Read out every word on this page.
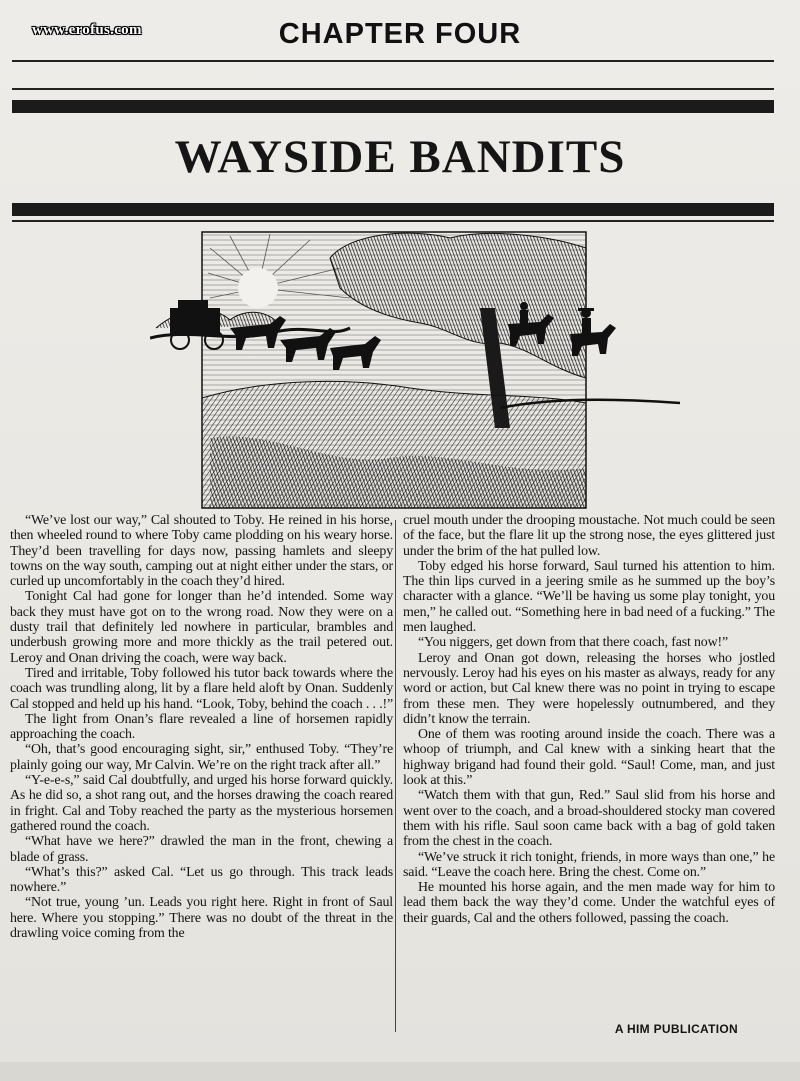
www.erofus.com	CHAPTER FOUR
WAYSIDE BANDITS

“We’ve lost our way,” Cal shouted to Toby. He reined in his horse, then wheeled round to where Toby came plodding on his weary horse. They’d been travelling for days now, passing hamlets and sleepy towns on the way south, camping out at night either under the stars, or curled up uncomfortably in the coach they’d hired.

Tonight Cal had gone for longer than he’d intended. Some way back they must have got on to the wrong road. Now they were on a dusty trail that definitely led nowhere in particular, brambles and underbush growing more and more thickly as the trail petered out. Leroy and Onan driving the coach, were way back.

Tired and irritable, Toby followed his tutor back towards where the coach was trundling along, lit by a flare held aloft by Onan. Suddenly Cal stopped and held up his hand. “Look, Toby, behind the coach . . .!”

The light from Onan’s flare revealed a line of horsemen rapidly approaching the coach.

“Oh, that’s good encouraging sight, sir,” enthused Toby. “They’re plainly going our way, Mr Calvin. We’re on the right track after all.”

“Y-e-e-s,” said Cal doubtfully, and urged his horse forward quickly. As he did so, a shot rang out, and the horses drawing the coach reared in fright. Cal and Toby reached the party as the mysterious horsemen gathered round the coach.

“What have we here?” drawled the man in the front, chewing a blade of grass.

“What’s this?” asked Cal. “Let us go through. This track leads nowhere.”

“Not true, young ’un. Leads you right here. Right in front of Saul here. Where you stopping.” There was no doubt of the threat in the drawling voice coming from the

cruel mouth under the drooping moustache. Not much could be seen of the face, but the flare lit up the strong nose, the eyes glittered just under the brim of the hat pulled low.

Toby edged his horse forward, Saul turned his attention to him. The thin lips curved in a jeering smile as he summed up the boy’s character with a glance. “We’ll be having us some play tonight, you men,” he called out. “Something here in bad need of a fucking.” The men laughed.

“You niggers, get down from that there coach, fast now!”

Leroy and Onan got down, releasing the horses who jostled nervously. Leroy had his eyes on his master as always, ready for any word or action, but Cal knew there was no point in trying to escape from these men. They were hopelessly outnumbered, and they didn’t know the terrain.

One of them was rooting around inside the coach. There was a whoop of triumph, and Cal knew with a sinking heart that the highway brigand had found their gold. “Saul! Come, man, and just look at this.”

“Watch them with that gun, Red.” Saul slid from his horse and went over to the coach, and a broad-shouldered stocky man covered them with his rifle. Saul soon came back with a bag of gold taken from the chest in the coach.

“We’ve struck it rich tonight, friends, in more ways than one,” he said. “Leave the coach here. Bring the chest. Come on.”

He mounted his horse again, and the men made way for him to lead them back the way they’d come. Under the watchful eyes of their guards, Cal and the others followed, passing the coach.

A HIM PUBLICATION
